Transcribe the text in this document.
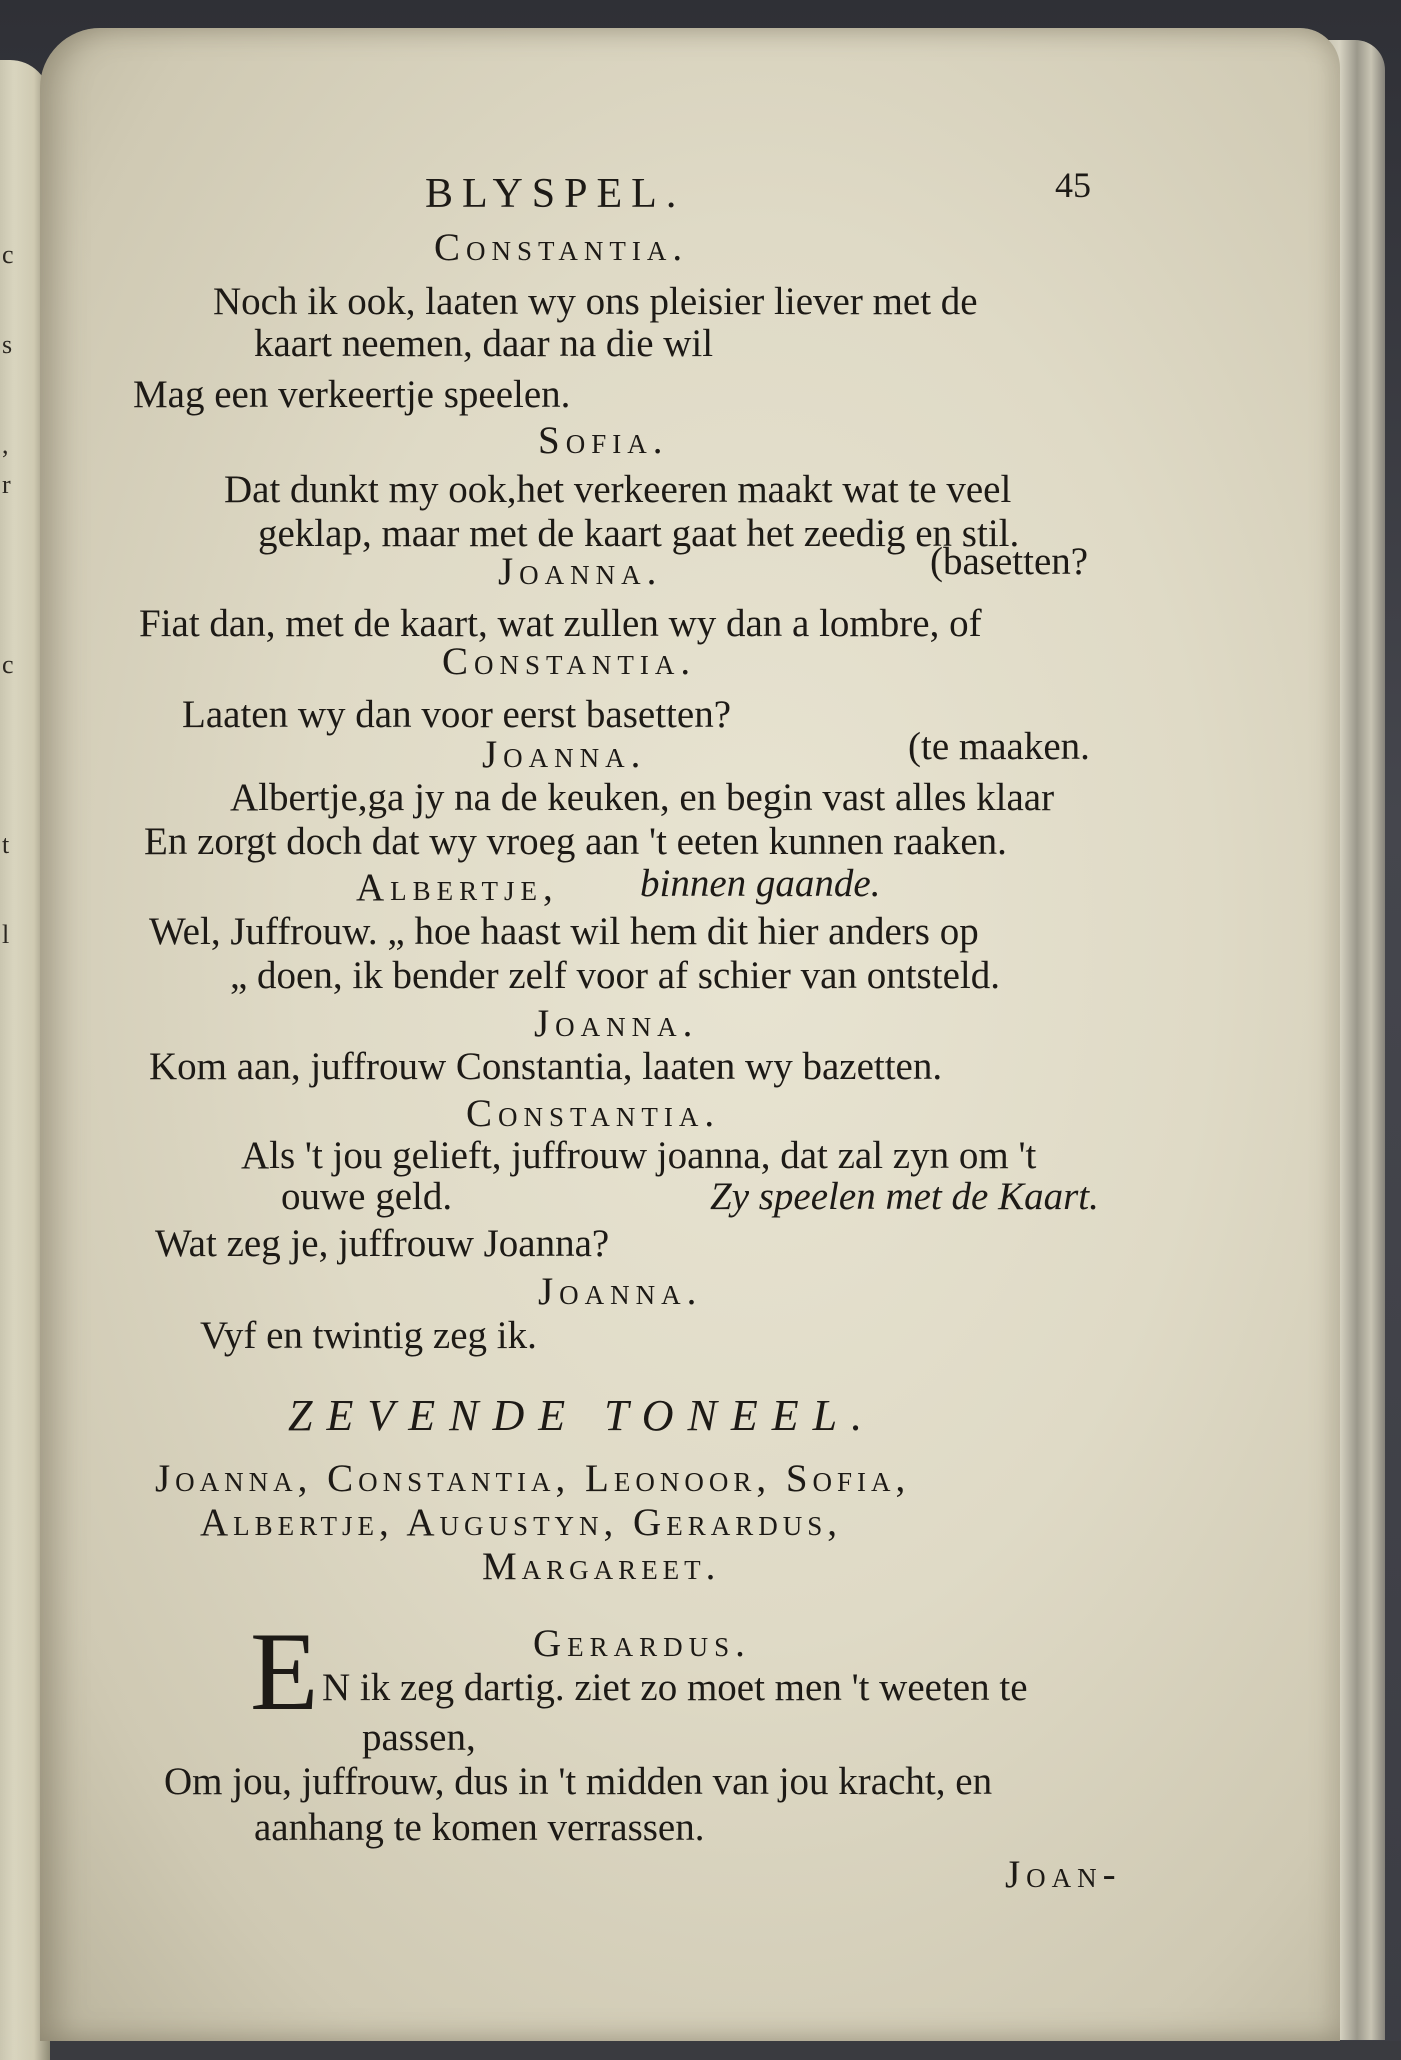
c
s
,
r
c
t
l
BLYSPEL.	45
Constantia.
Noch ik ook, laaten wy ons pleisier liever met de
kaart neemen, daar na die wil
Mag een verkeertje speelen.
Sofia.
Dat dunkt my ook,het verkeeren maakt wat te veel
geklap, maar met de kaart gaat het zeedig en stil.
Joanna.	(basetten?
Fiat dan, met de kaart, wat zullen wy dan a lombre, of
Constantia.
Laaten wy dan voor eerst basetten?
Joanna.	(te maaken.
Albertje,ga jy na de keuken, en begin vast alles klaar
En zorgt doch dat wy vroeg aan 't eeten kunnen raaken.
Albertje, binnen gaande.
Wel, Juffrouw. „ hoe haast wil hem dit hier anders op
„ doen, ik bender zelf voor af schier van ontsteld.
Joanna.
Kom aan, juffrouw Constantia, laaten wy bazetten.
Constantia.
Als 't jou gelieft, juffrouw joanna, dat zal zyn om 't
ouwe geld.	Zy speelen met de Kaart.
Wat zeg je, juffrouw Joanna?
Joanna.
Vyf en twintig zeg ik.
ZEVENDE TONEEL.
Joanna, Constantia, Leonoor, Sofia,
Albertje, Augustyn, Gerardus,
Margareet.
Gerardus.
E N ik zeg dartig. ziet zo moet men 't weeten te
passen,
Om jou, juffrouw, dus in 't midden van jou kracht, en
aanhang te komen verrassen.
Joan-
